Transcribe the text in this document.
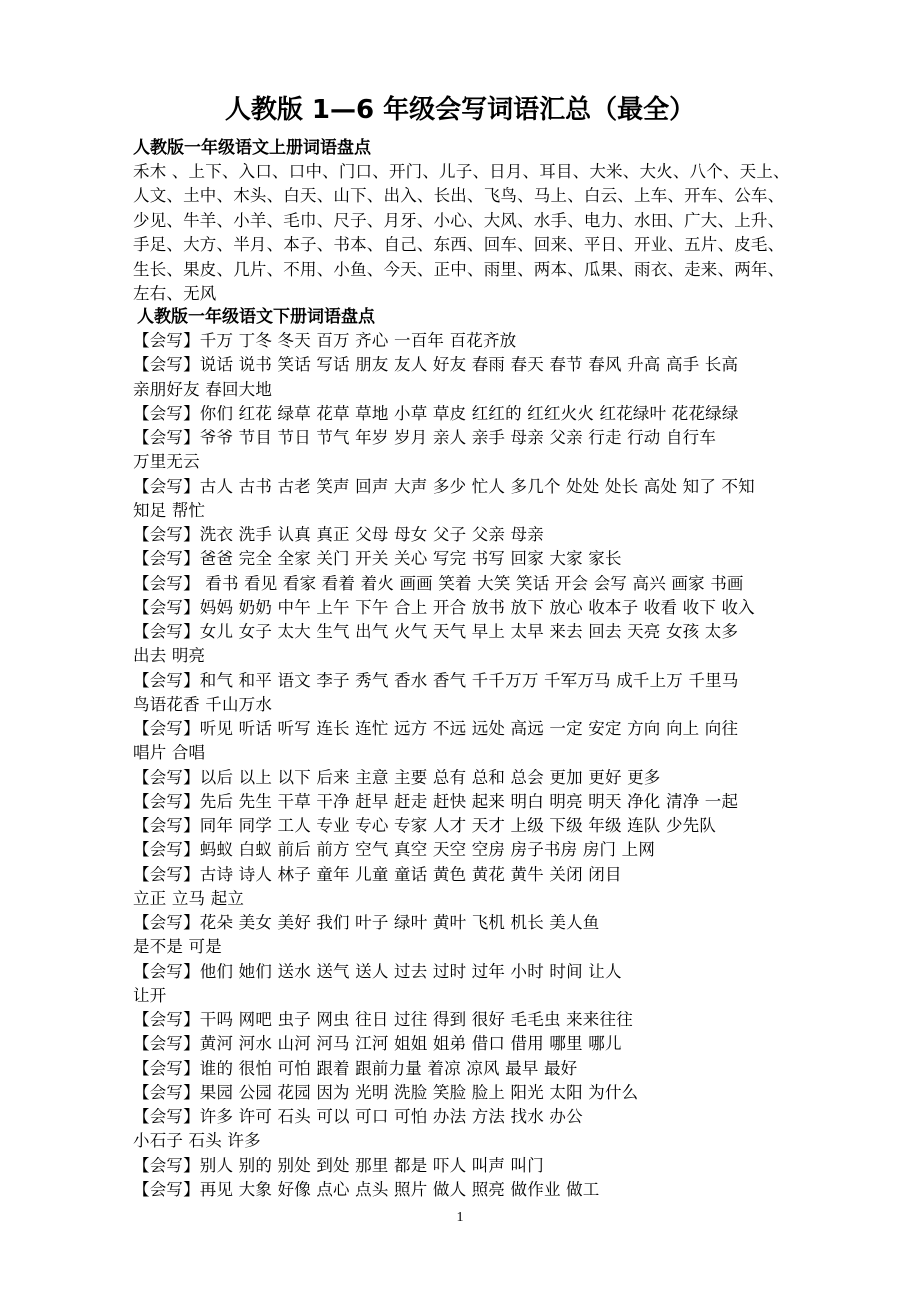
人教版 1—6 年级会写词语汇总（最全）
人教版一年级语文上册词语盘点
禾木 、上下、入口、口中、门口、开门、儿子、日月、耳目、大米、大火、八个、天上、
人文、土中、木头、白天、山下、出入、长出、飞鸟、马上、白云、上车、开车、公车、
少见、牛羊、小羊、毛巾、尺子、月牙、小心、大风、水手、电力、水田、广大、上升、
手足、大方、半月、本子、书本、自己、东西、回车、回来、平日、开业、五片、皮毛、
生长、果皮、几片、不用、小鱼、今天、正中、雨里、两本、瓜果、雨衣、走来、两年、
左右、无风
人教版一年级语文下册词语盘点
【会写】千万 丁冬 冬天 百万 齐心 一百年 百花齐放
【会写】说话 说书 笑话 写话 朋友 友人 好友 春雨 春天 春节 春风 升高 高手 长高
亲朋好友 春回大地
【会写】你们 红花 绿草 花草 草地 小草 草皮 红红的 红红火火 红花绿叶 花花绿绿
【会写】爷爷 节目 节日 节气 年岁 岁月 亲人 亲手 母亲 父亲 行走 行动 自行车
万里无云
【会写】古人 古书 古老 笑声 回声 大声 多少 忙人 多几个 处处 处长 高处 知了 不知
知足 帮忙
【会写】洗衣 洗手 认真 真正 父母 母女 父子 父亲 母亲
【会写】爸爸 完全 全家 关门 开关 关心 写完 书写 回家 大家 家长
【会写】 看书 看见 看家 看着 着火 画画 笑着 大笑 笑话 开会 会写 高兴 画家 书画
【会写】妈妈 奶奶 中午 上午 下午 合上 开合 放书 放下 放心 收本子 收看 收下 收入
【会写】女儿 女子 太大 生气 出气 火气 天气 早上 太早 来去 回去 天亮 女孩 太多
出去 明亮
【会写】和气 和平 语文 李子 秀气 香水 香气 千千万万 千军万马 成千上万 千里马
鸟语花香 千山万水
【会写】听见 听话 听写 连长 连忙 远方 不远 远处 高远 一定 安定 方向 向上 向往
唱片 合唱
【会写】以后 以上 以下 后来 主意 主要 总有 总和 总会 更加 更好 更多
【会写】先后 先生 干草 干净 赶早 赶走 赶快 起来 明白 明亮 明天 净化 清净 一起
【会写】同年 同学 工人 专业 专心 专家 人才 天才 上级 下级 年级 连队 少先队
【会写】蚂蚁 白蚁 前后 前方 空气 真空 天空 空房 房子书房 房门 上网
【会写】古诗 诗人 林子 童年 儿童 童话 黄色 黄花 黄牛 关闭 闭目
立正 立马 起立
【会写】花朵 美女 美好 我们 叶子 绿叶 黄叶 飞机 机长 美人鱼
是不是 可是
【会写】他们 她们 送水 送气 送人 过去 过时 过年 小时 时间 让人
让开
【会写】干吗 网吧 虫子 网虫 往日 过往 得到 很好 毛毛虫 来来往往
【会写】黄河 河水 山河 河马 江河 姐姐 姐弟 借口 借用 哪里 哪儿
【会写】谁的 很怕 可怕 跟着 跟前力量 着凉 凉风 最早 最好
【会写】果园 公园 花园 因为 光明 洗脸 笑脸 脸上 阳光 太阳 为什么
【会写】许多 许可 石头 可以 可口 可怕 办法 方法 找水 办公
小石子 石头 许多
【会写】别人 别的 别处 到处 那里 都是 吓人 叫声 叫门
【会写】再见 大象 好像 点心 点头 照片 做人 照亮 做作业 做工
1
